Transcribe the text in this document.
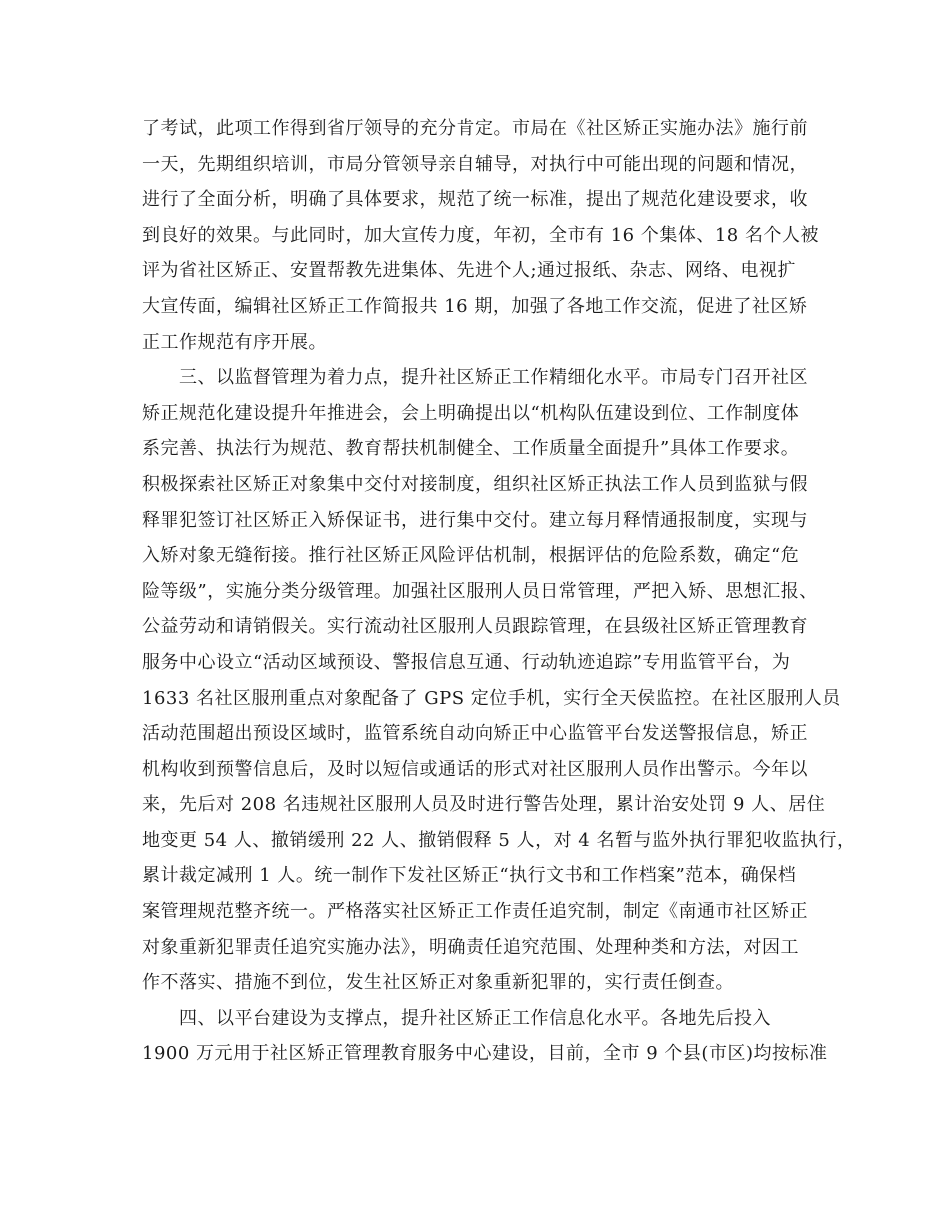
了考试，此项工作得到省厅领导的充分肯定。市局在《社区矫正实施办法》施行前
一天，先期组织培训，市局分管领导亲自辅导，对执行中可能出现的问题和情况，
进行了全面分析，明确了具体要求，规范了统一标准，提出了规范化建设要求，收
到良好的效果。与此同时，加大宣传力度，年初，全市有 16 个集体、18 名个人被
评为省社区矫正、安置帮教先进集体、先进个人;通过报纸、杂志、网络、电视扩
大宣传面，编辑社区矫正工作简报共 16 期，加强了各地工作交流，促进了社区矫
正工作规范有序开展。
　　三、以监督管理为着力点，提升社区矫正工作精细化水平。市局专门召开社区
矫正规范化建设提升年推进会，会上明确提出以“机构队伍建设到位、工作制度体
系完善、执法行为规范、教育帮扶机制健全、工作质量全面提升”具体工作要求。
积极探索社区矫正对象集中交付对接制度，组织社区矫正执法工作人员到监狱与假
释罪犯签订社区矫正入矫保证书，进行集中交付。建立每月释情通报制度，实现与
入矫对象无缝衔接。推行社区矫正风险评估机制，根据评估的危险系数，确定“危
险等级”，实施分类分级管理。加强社区服刑人员日常管理，严把入矫、思想汇报、
公益劳动和请销假关。实行流动社区服刑人员跟踪管理，在县级社区矫正管理教育
服务中心设立“活动区域预设、警报信息互通、行动轨迹追踪”专用监管平台，为
1633 名社区服刑重点对象配备了 GPS 定位手机，实行全天侯监控。在社区服刑人员
活动范围超出预设区域时，监管系统自动向矫正中心监管平台发送警报信息，矫正
机构收到预警信息后，及时以短信或通话的形式对社区服刑人员作出警示。今年以
来，先后对 208 名违规社区服刑人员及时进行警告处理，累计治安处罚 9 人、居住
地变更 54 人、撤销缓刑 22 人、撤销假释 5 人，对 4 名暂与监外执行罪犯收监执行，
累计裁定减刑 1 人。统一制作下发社区矫正“执行文书和工作档案”范本，确保档
案管理规范整齐统一。严格落实社区矫正工作责任追究制，制定《南通市社区矫正
对象重新犯罪责任追究实施办法》，明确责任追究范围、处理种类和方法，对因工
作不落实、措施不到位，发生社区矫正对象重新犯罪的，实行责任倒查。
　　四、以平台建设为支撑点，提升社区矫正工作信息化水平。各地先后投入
1900 万元用于社区矫正管理教育服务中心建设，目前，全市 9 个县(市区)均按标准
